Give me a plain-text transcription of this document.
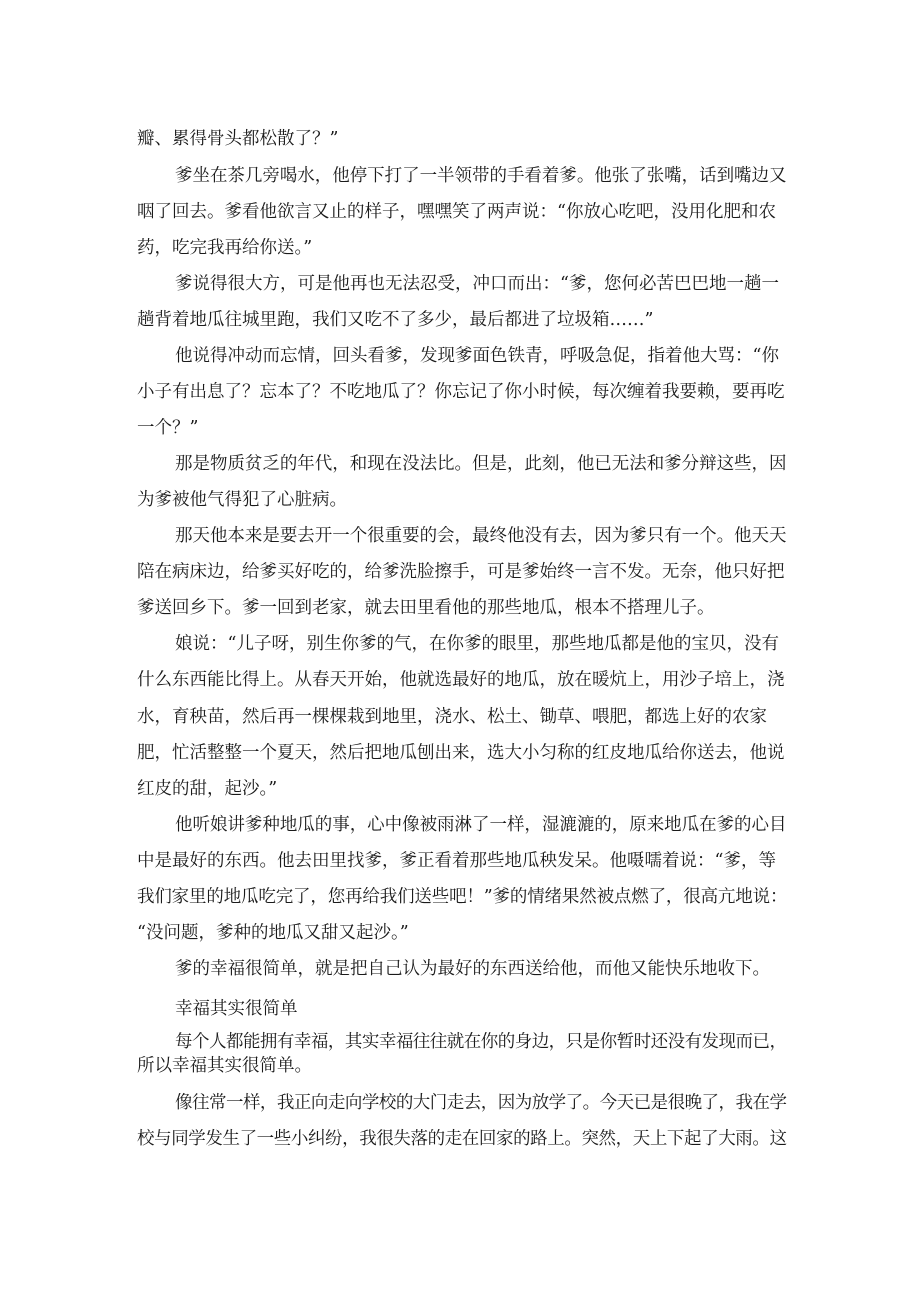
瓣、累得骨头都松散了？”
爹坐在茶几旁喝水，他停下打了一半领带的手看着爹。他张了张嘴，话到嘴边又
咽了回去。爹看他欲言又止的样子，嘿嘿笑了两声说：“你放心吃吧，没用化肥和农
药，吃完我再给你送。”
爹说得很大方，可是他再也无法忍受，冲口而出：“爹，您何必苦巴巴地一趟一
趟背着地瓜往城里跑，我们又吃不了多少，最后都进了垃圾箱……”
他说得冲动而忘情，回头看爹，发现爹面色铁青，呼吸急促，指着他大骂：“你
小子有出息了？忘本了？不吃地瓜了？你忘记了你小时候，每次缠着我要赖，要再吃
一个？”
那是物质贫乏的年代，和现在没法比。但是，此刻，他已无法和爹分辩这些，因
为爹被他气得犯了心脏病。
那天他本来是要去开一个很重要的会，最终他没有去，因为爹只有一个。他天天
陪在病床边，给爹买好吃的，给爹洗脸擦手，可是爹始终一言不发。无奈，他只好把
爹送回乡下。爹一回到老家，就去田里看他的那些地瓜，根本不搭理儿子。
娘说：“儿子呀，别生你爹的气，在你爹的眼里，那些地瓜都是他的宝贝，没有
什么东西能比得上。从春天开始，他就选最好的地瓜，放在暖炕上，用沙子培上，浇
水，育秧苗，然后再一棵棵栽到地里，浇水、松土、锄草、喂肥，都选上好的农家
肥，忙活整整一个夏天，然后把地瓜刨出来，选大小匀称的红皮地瓜给你送去，他说
红皮的甜，起沙。”
他听娘讲爹种地瓜的事，心中像被雨淋了一样，湿漉漉的，原来地瓜在爹的心目
中是最好的东西。他去田里找爹，爹正看着那些地瓜秧发呆。他嗫嚅着说：“爹，等
我们家里的地瓜吃完了，您再给我们送些吧！”爹的情绪果然被点燃了，很高亢地说：
“没问题，爹种的地瓜又甜又起沙。”
爹的幸福很简单，就是把自己认为最好的东西送给他，而他又能快乐地收下。
幸福其实很简单
每个人都能拥有幸福，其实幸福往往就在你的身边，只是你暂时还没有发现而已，
所以幸福其实很简单。
像往常一样，我正向走向学校的大门走去，因为放学了。今天已是很晚了，我在学
校与同学发生了一些小纠纷，我很失落的走在回家的路上。突然，天上下起了大雨。这
